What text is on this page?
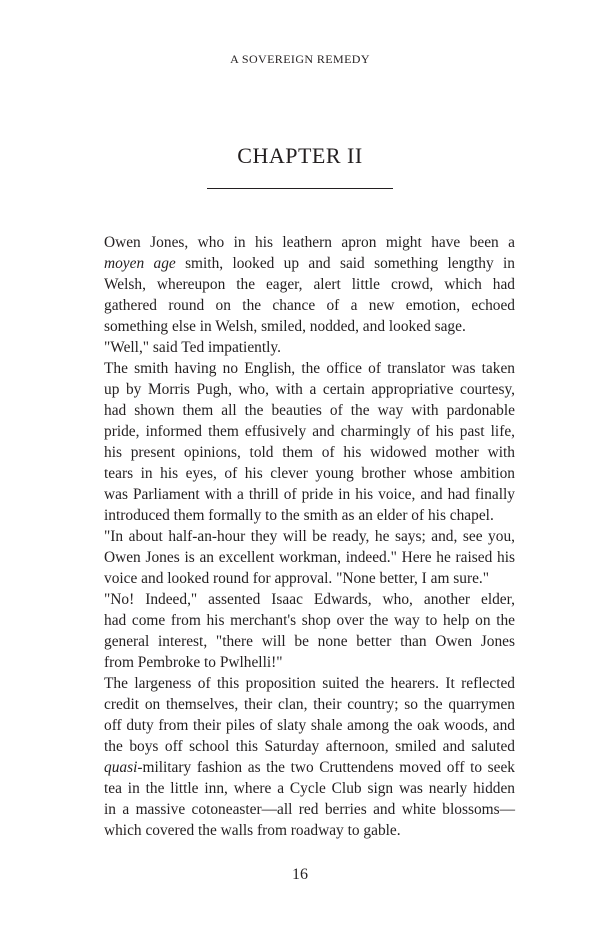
A SOVEREIGN REMEDY
CHAPTER II
Owen Jones, who in his leathern apron might have been a
moyen age smith, looked up and said something lengthy in
Welsh, whereupon the eager, alert little crowd, which had
gathered round on the chance of a new emotion, echoed
something else in Welsh, smiled, nodded, and looked sage.
"Well," said Ted impatiently.
The smith having no English, the office of translator was taken
up by Morris Pugh, who, with a certain appropriative courtesy,
had shown them all the beauties of the way with pardonable
pride, informed them effusively and charmingly of his past life,
his present opinions, told them of his widowed mother with
tears in his eyes, of his clever young brother whose ambition
was Parliament with a thrill of pride in his voice, and had finally
introduced them formally to the smith as an elder of his chapel.
"In about half-an-hour they will be ready, he says; and, see you,
Owen Jones is an excellent workman, indeed." Here he raised his
voice and looked round for approval. "None better, I am sure."
"No! Indeed," assented Isaac Edwards, who, another elder,
had come from his merchant's shop over the way to help on the
general interest, "there will be none better than Owen Jones
from Pembroke to Pwlhelli!"
The largeness of this proposition suited the hearers. It reflected
credit on themselves, their clan, their country; so the quarrymen
off duty from their piles of slaty shale among the oak woods, and
the boys off school this Saturday afternoon, smiled and saluted
quasi-military fashion as the two Cruttendens moved off to seek
tea in the little inn, where a Cycle Club sign was nearly hidden
in a massive cotoneaster—all red berries and white blossoms—
which covered the walls from roadway to gable.
16
